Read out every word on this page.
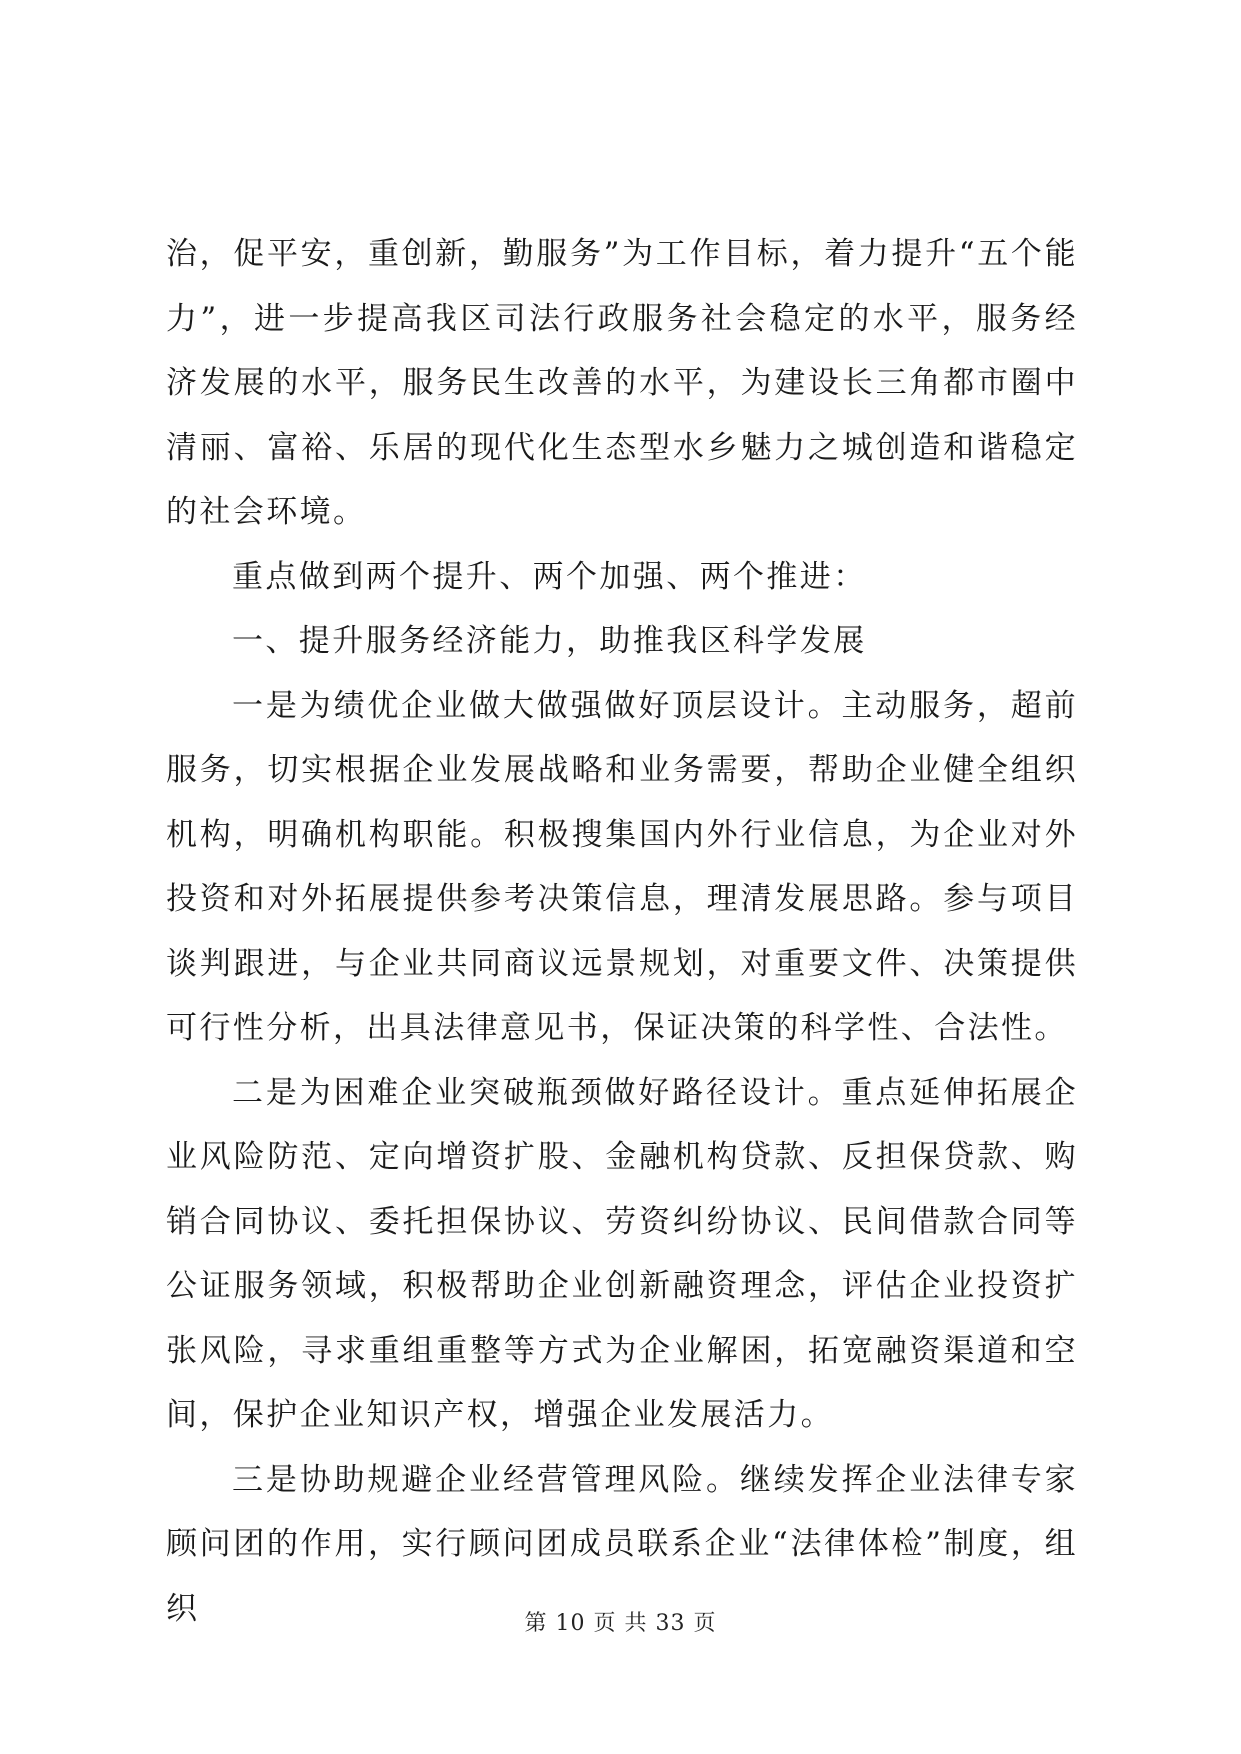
治，促平安，重创新，勤服务”为工作目标，着力提升“五个能力”，进一步提高我区司法行政服务社会稳定的水平，服务经济发展的水平，服务民生改善的水平，为建设长三角都市圈中清丽、富裕、乐居的现代化生态型水乡魅力之城创造和谐稳定的社会环境。

重点做到两个提升、两个加强、两个推进：

一、提升服务经济能力，助推我区科学发展

一是为绩优企业做大做强做好顶层设计。主动服务，超前服务，切实根据企业发展战略和业务需要，帮助企业健全组织机构，明确机构职能。积极搜集国内外行业信息，为企业对外投资和对外拓展提供参考决策信息，理清发展思路。参与项目谈判跟进，与企业共同商议远景规划，对重要文件、决策提供可行性分析，出具法律意见书，保证决策的科学性、合法性。

二是为困难企业突破瓶颈做好路径设计。重点延伸拓展企业风险防范、定向增资扩股、金融机构贷款、反担保贷款、购销合同协议、委托担保协议、劳资纠纷协议、民间借款合同等公证服务领域，积极帮助企业创新融资理念，评估企业投资扩张风险，寻求重组重整等方式为企业解困，拓宽融资渠道和空间，保护企业知识产权，增强企业发展活力。

三是协助规避企业经营管理风险。继续发挥企业法律专家顾问团的作用，实行顾问团成员联系企业“法律体检”制度，组织	第 10 页 共 33 页
